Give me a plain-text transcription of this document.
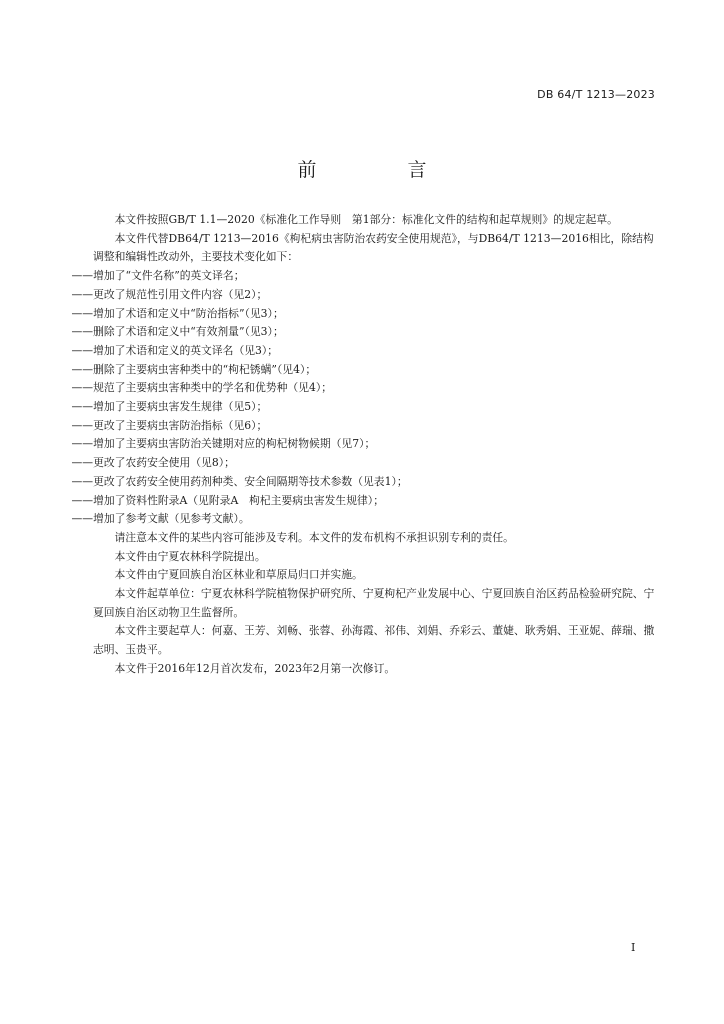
DB 64/T 1213—2023
前　言

本文件按照GB/T 1.1—2020《标准化工作导则　第1部分：标准化文件的结构和起草规则》的规定起草。

本文件代替DB64/T 1213—2016《枸杞病虫害防治农药安全使用规范》，与DB64/T 1213—2016相比，除结构调整和编辑性改动外，主要技术变化如下：

——增加了“文件名称”的英文译名；

——更改了规范性引用文件内容（见2）；

——增加了术语和定义中“防治指标”（见3）；

——删除了术语和定义中“有效剂量”（见3）；

——增加了术语和定义的英文译名（见3）；

——删除了主要病虫害种类中的“枸杞锈螨”（见4）；

——规范了主要病虫害种类中的学名和优势种（见4）；

——增加了主要病虫害发生规律（见5）；

——更改了主要病虫害防治指标（见6）；

——增加了主要病虫害防治关键期对应的枸杞树物候期（见7）；

——更改了农药安全使用（见8）；

——更改了农药安全使用药剂种类、安全间隔期等技术参数（见表1）；

——增加了资料性附录A（见附录A　枸杞主要病虫害发生规律）；

——增加了参考文献（见参考文献）。

请注意本文件的某些内容可能涉及专利。本文件的发布机构不承担识别专利的责任。

本文件由宁夏农林科学院提出。

本文件由宁夏回族自治区林业和草原局归口并实施。

本文件起草单位：宁夏农林科学院植物保护研究所、宁夏枸杞产业发展中心、宁夏回族自治区药品检验研究院、宁夏回族自治区动物卫生监督所。

本文件主要起草人：何嘉、王芳、刘畅、张蓉、孙海霞、祁伟、刘娟、乔彩云、董婕、耿秀娟、王亚妮、薛瑞、撒志明、玉贵平。

本文件于2016年12月首次发布，2023年2月第一次修订。

I
